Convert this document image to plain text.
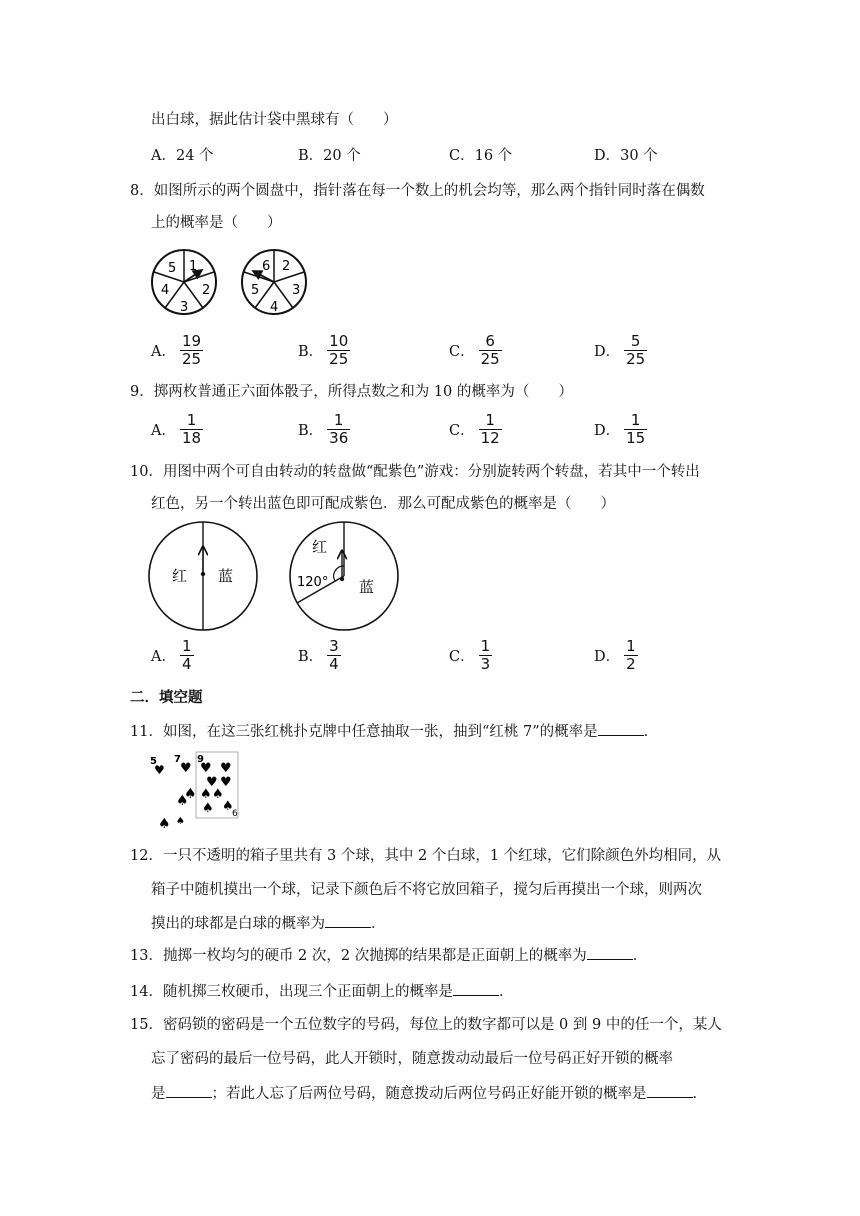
出白球，据此估计袋中黑球有（　　）
A．24 个	B．20 个	C．16 个	D．30 个
8．如图所示的两个圆盘中，指针落在每一个数上的机会均等，那么两个指针同时落在偶数
上的概率是（　　）
5 1
2
3
4
6 2
3
4
5
A． $\frac{19}{25}$	B． $\frac{10}{25}$	C． $\frac{6}{25}$	D． $\frac{5}{25}$
9．掷两枚普通正六面体骰子，所得点数之和为 10 的概率为（　　）
A． $\frac{1}{18}$	B． $\frac{1}{36}$	C． $\frac{1}{12}$	D． $\frac{1}{15}$
10．用图中两个可自由转动的转盘做“配紫色”游戏：分别旋转两个转盘，若其中一个转出
红色，另一个转出蓝色即可配成紫色．那么可配成紫色的概率是（　　）
红 蓝
红
蓝
120°
A． $\frac{1}{4}$	B． $\frac{3}{4}$	C． $\frac{1}{3}$	D． $\frac{1}{2}$
二．填空题
11．如图，在这三张红桃扑克牌中任意抽取一张，抽到“红桃 7”的概率是	．
5
♥
♠
7
♥
♠
♠
♠
9
♥ ♥
♥ ♥
♠ ♠
♠ ♠
6
12．一只不透明的箱子里共有 3 个球，其中 2 个白球，1 个红球，它们除颜色外均相同，从
箱子中随机摸出一个球，记录下颜色后不将它放回箱子，搅匀后再摸出一个球，则两次
摸出的球都是白球的概率为	．
13．抛掷一枚均匀的硬币 2 次，2 次抛掷的结果都是正面朝上的概率为	．
14．随机掷三枚硬币，出现三个正面朝上的概率是	．
15．密码锁的密码是一个五位数字的号码，每位上的数字都可以是 0 到 9 中的任一个，某人
忘了密码的最后一位号码，此人开锁时，随意拨动动最后一位号码正好开锁的概率
是	；若此人忘了后两位号码，随意拨动后两位号码正好能开锁的概率是	．
